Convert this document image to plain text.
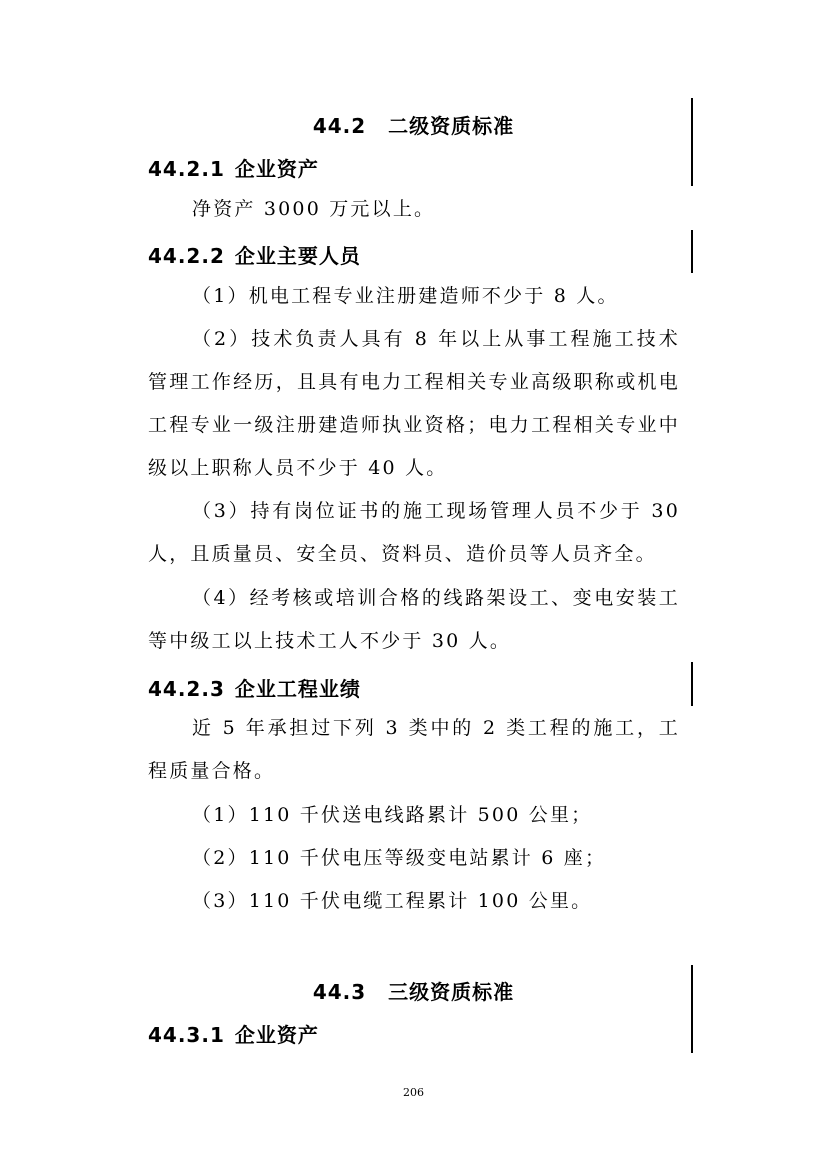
44.2 二级资质标准
44.2.1 企业资产

净资产 3000 万元以上。

44.2.2 企业主要人员

（1）机电工程专业注册建造师不少于 8 人。

（2）技术负责人具有 8 年以上从事工程施工技术管理工作经历，且具有电力工程相关专业高级职称或机电工程专业一级注册建造师执业资格；电力工程相关专业中级以上职称人员不少于 40 人。

（3）持有岗位证书的施工现场管理人员不少于 30 人，且质量员、安全员、资料员、造价员等人员齐全。

（4）经考核或培训合格的线路架设工、变电安装工等中级工以上技术工人不少于 30 人。

44.2.3 企业工程业绩

近 5 年承担过下列 3 类中的 2 类工程的施工，工程质量合格。

（1）110 千伏送电线路累计 500 公里；

（2）110 千伏电压等级变电站累计 6 座；

（3）110 千伏电缆工程累计 100 公里。

44.3 三级资质标准
44.3.1 企业资产
206
